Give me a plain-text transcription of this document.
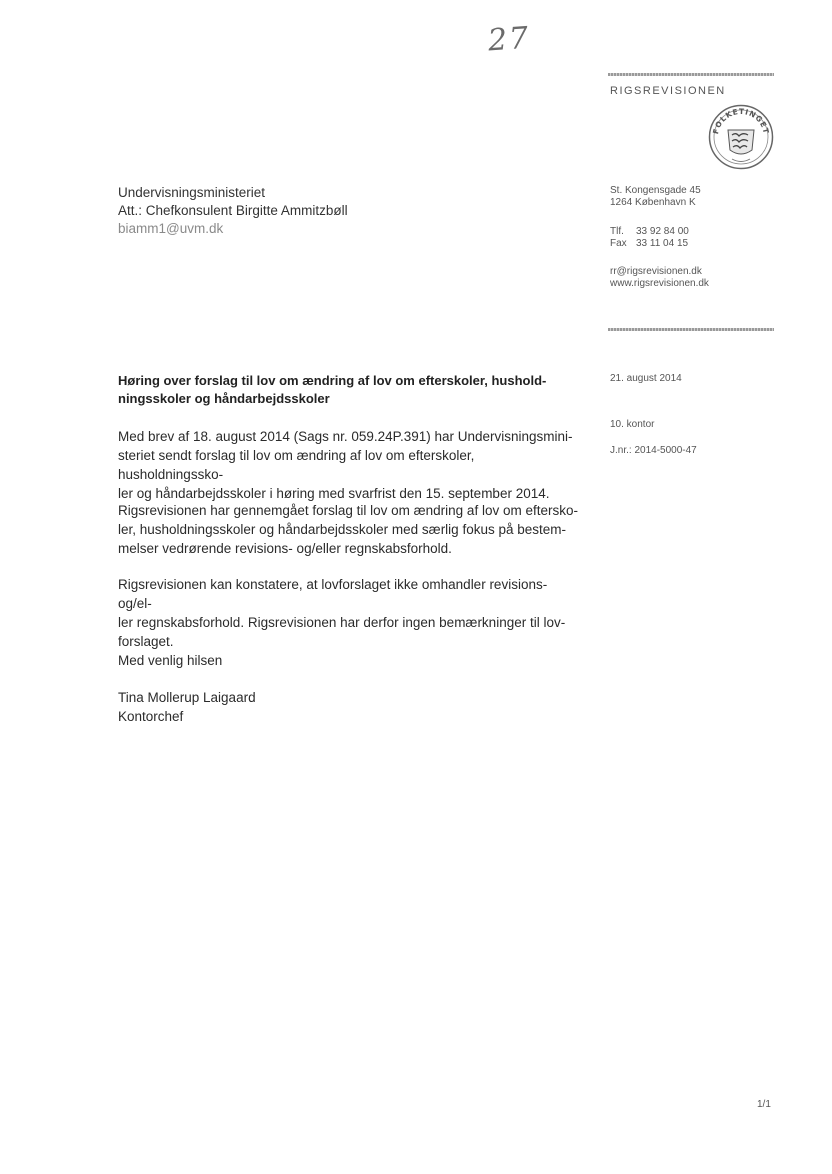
27
RIGSREVISIONEN
FOLKETINGET
St. Kongensgade 45
1264 København K
Tlf. 33 92 84 00
Fax 33 11 04 15
rr@rigsrevisionen.dk
www.rigsrevisionen.dk
Undervisningsministeriet
Att.: Chefkonsulent Birgitte Ammitzbøll
biamm1@uvm.dk
21. august 2014
10. kontor
J.nr.: 2014-5000-47
Høring over forslag til lov om ændring af lov om efterskoler, hushold-
ningsskoler og håndarbejdsskoler

Med brev af 18. august 2014 (Sags nr. 059.24P.391) har Undervisningsmini-

steriet sendt forslag til lov om ændring af lov om efterskoler, husholdningssko-

ler og håndarbejdsskoler i høring med svarfrist den 15. september 2014.

Rigsrevisionen har gennemgået forslag til lov om ændring af lov om eftersko-

ler, husholdningsskoler og håndarbejdsskoler med særlig fokus på bestem-

melser vedrørende revisions- og/eller regnskabsforhold.

Rigsrevisionen kan konstatere, at lovforslaget ikke omhandler revisions- og/el-

ler regnskabsforhold. Rigsrevisionen har derfor ingen bemærkninger til lov-

forslaget.

Med venlig hilsen

Tina Mollerup Laigaard

Kontorchef

1/1
